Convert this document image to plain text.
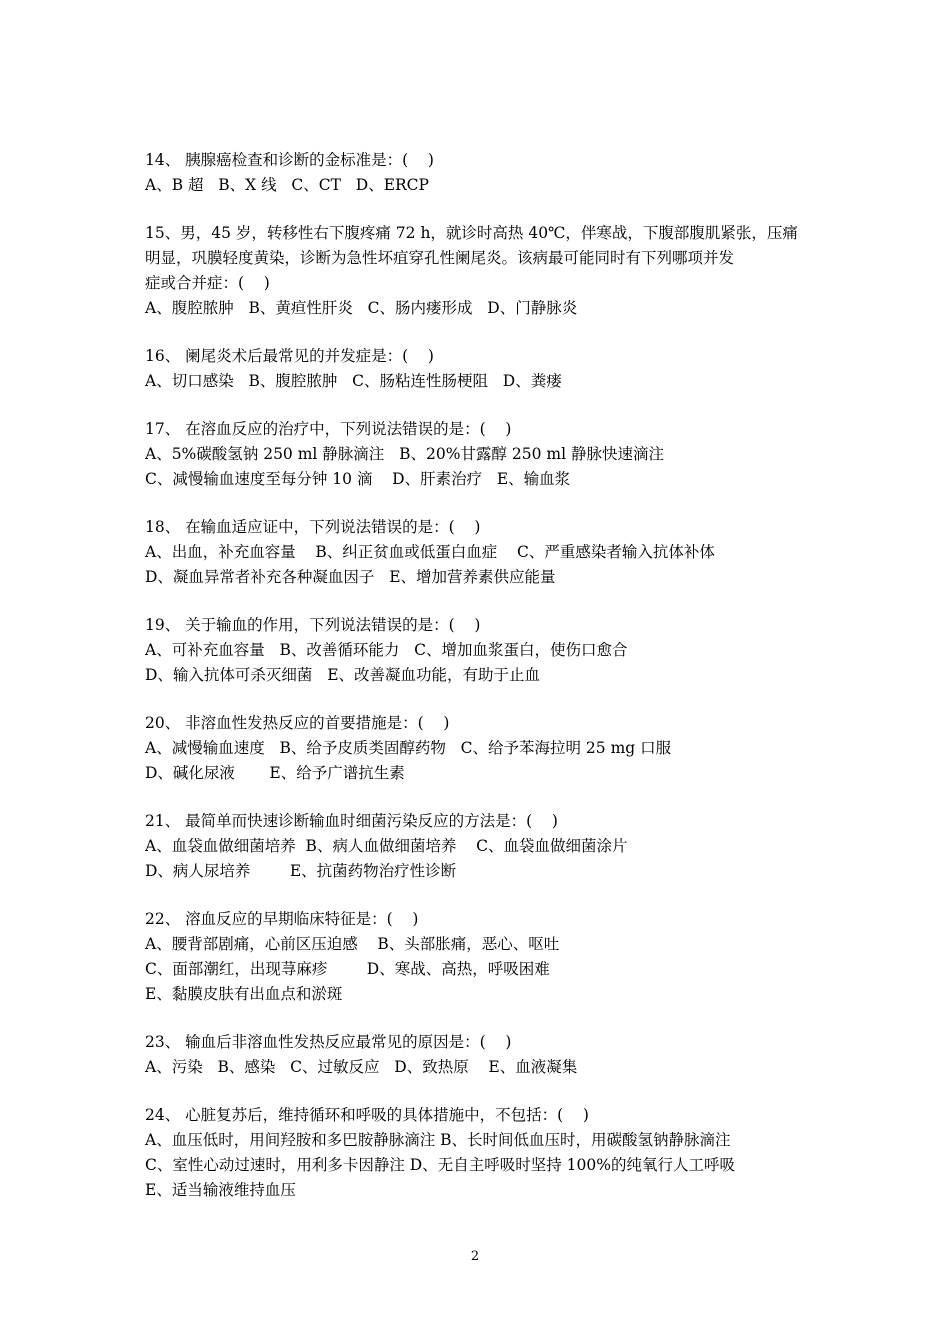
14、 胰腺癌检查和诊断的金标准是：(    )
A、B 超   B、X 线   C、CT   D、ERCP
15、男，45 岁，转移性右下腹疼痛 72 h，就诊时高热 40℃，伴寒战，下腹部腹肌紧张，压痛
明显，巩膜轻度黄染，诊断为急性坏疽穿孔性阑尾炎。该病最可能同时有下列哪项并发
症或合并症：(    )
A、腹腔脓肿   B、黄疸性肝炎   C、肠内瘘形成   D、门静脉炎
16、 阑尾炎术后最常见的并发症是：(    )
A、切口感染   B、腹腔脓肿   C、肠粘连性肠梗阻   D、粪瘘
17、 在溶血反应的治疗中，下列说法错误的是：(    )
A、5%碳酸氢钠 250 ml 静脉滴注   B、20%甘露醇 250 ml 静脉快速滴注
C、减慢输血速度至每分钟 10 滴    D、肝素治疗   E、输血浆
18、 在输血适应证中，下列说法错误的是：(    )
A、出血，补充血容量    B、纠正贫血或低蛋白血症    C、严重感染者输入抗体补体
D、凝血异常者补充各种凝血因子   E、增加营养素供应能量
19、 关于输血的作用，下列说法错误的是：(    )
A、可补充血容量   B、改善循环能力   C、增加血浆蛋白，使伤口愈合
D、输入抗体可杀灭细菌   E、改善凝血功能，有助于止血
20、 非溶血性发热反应的首要措施是：(    )
A、减慢输血速度   B、给予皮质类固醇药物   C、给予苯海拉明 25 mg 口服
D、碱化尿液       E、给予广谱抗生素
21、 最简单而快速诊断输血时细菌污染反应的方法是：(    )
A、血袋血做细菌培养  B、病人血做细菌培养    C、血袋血做细菌涂片
D、病人尿培养        E、抗菌药物治疗性诊断
22、 溶血反应的早期临床特征是：(    )
A、腰背部剧痛，心前区压迫感    B、头部胀痛，恶心、呕吐
C、面部潮红，出现荨麻疹        D、寒战、高热，呼吸困难
E、黏膜皮肤有出血点和淤斑
23、 输血后非溶血性发热反应最常见的原因是：(    )
A、污染   B、感染   C、过敏反应   D、致热原    E、血液凝集
24、 心脏复苏后，维持循环和呼吸的具体措施中，不包括：(    )
A、血压低时，用间羟胺和多巴胺静脉滴注 B、长时间低血压时，用碳酸氢钠静脉滴注
C、室性心动过速时，用利多卡因静注 D、无自主呼吸时坚持 100%的纯氧行人工呼吸
E、适当输液维持血压
2
